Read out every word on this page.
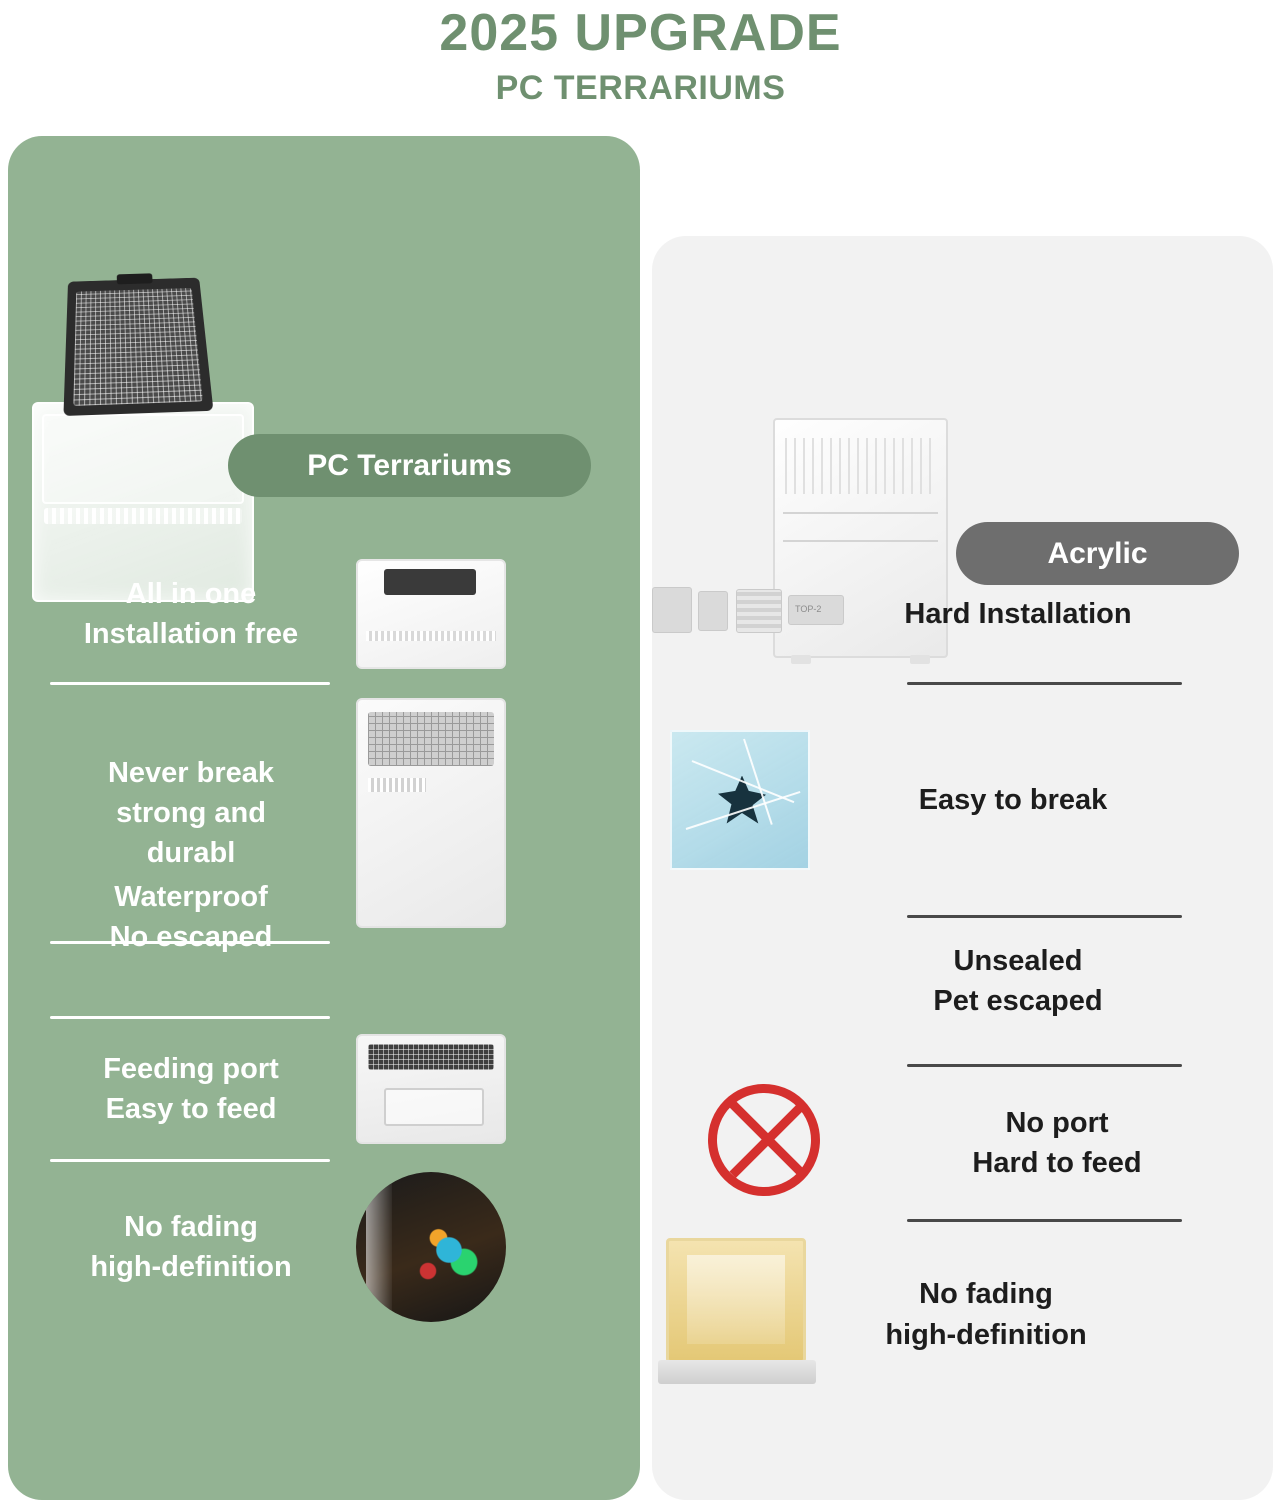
2025 UPGRADE
PC TERRARIUMS
PC Terrariums
Acrylic
All in one
Installation free
Never break
strong and
durabl
Waterproof
No escaped
Feeding port
Easy to feed
No fading
high-definition
TOP-2
Hard Installation
Easy to break
Unsealed
Pet escaped
No port
Hard to feed
No fading
high-definition
